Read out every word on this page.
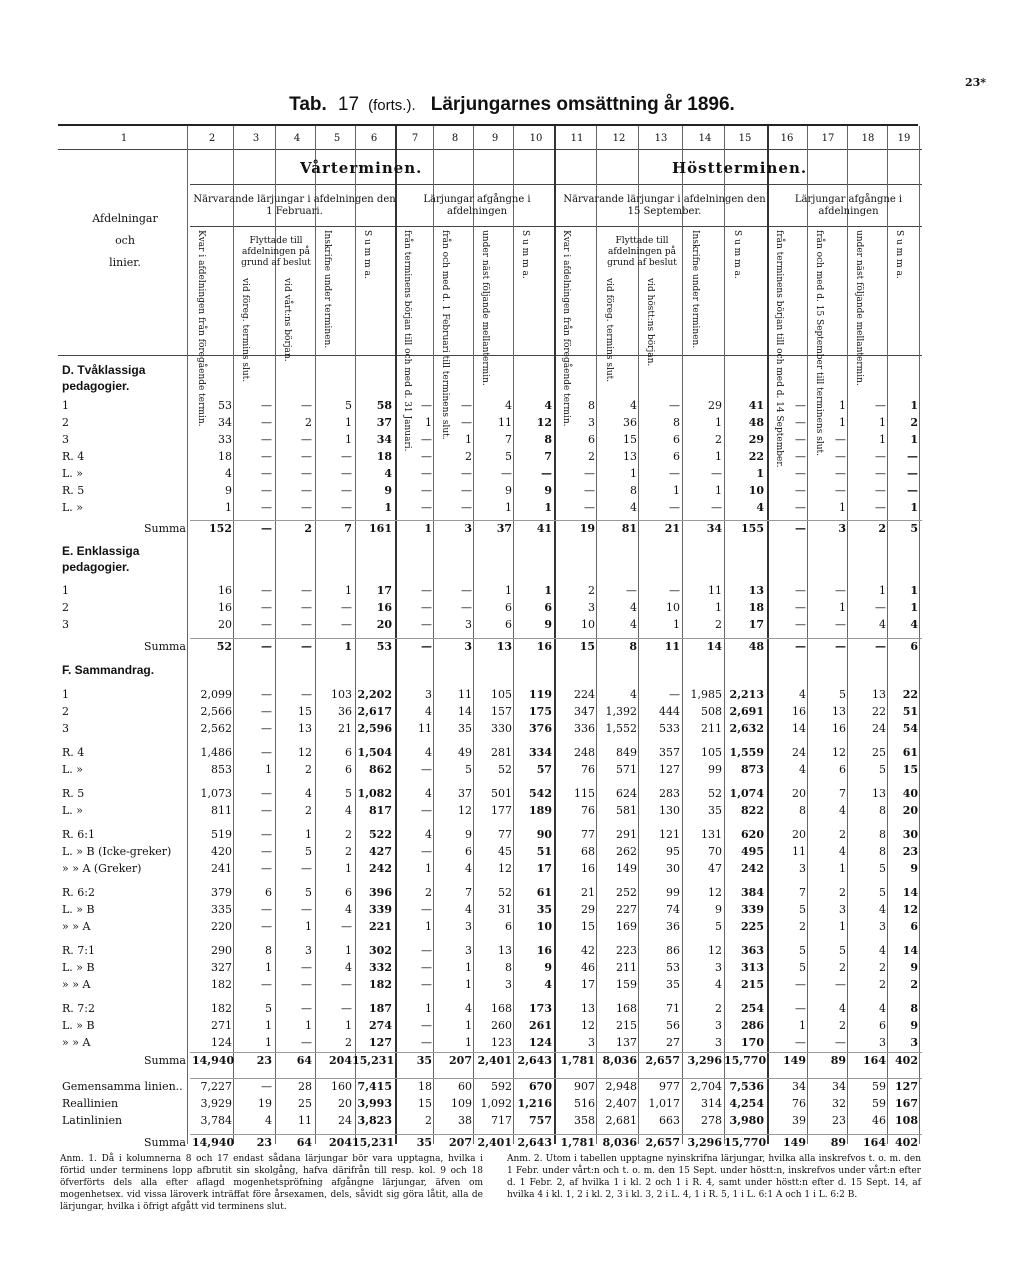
23*
Tab. 17 (forts.). Lärjungarnes omsättning år 1896.
Vårterminen.	Höstterminen.
Närvarande lärjungar i afdelningen den 1 Februari.
Lärjungar afgångne i afdelningen
Närvarande lärjungar i afdelningen den 15 September.
Lärjungar afgångne i afdelningen
Afdelningar
och
linier.
Flyttade till afdelningen på grund af beslut
Flyttade till afdelningen på grund af beslut
Kvar i afdelningen från föregående termin.	vid föreg. termins slut.	vid vårt:ns början.	Inskrifne under terminen.	S u m m a.	från terminens början till och med d. 31 Januari.	från och med d. 1 Februari till terminens slut.	under näst följande mellantermin.	S u m m a.	Kvar i afdelningen från föregående termin.	vid föreg. termins slut.	vid höstt:ns början.	Inskrifne under terminen.	S u m m a.	från terminens början till och med d. 14 September.	från och med d. 15 September till terminens slut.	under näst följande mellantermin.	S u m m a.
1	2	3	4	5	6	7	8	9	10	11	12	13	14	15	16	17	18	19
D. Tvåklassiga pedagogier.
E. Enklassiga pedagogier.
F. Sammandrag.
1	53	—	—	5	58	—	—	4	4	8	4	—	29	41	—	1	—	1
2	34	—	2	1	37	1	—	11	12	3	36	8	1	48	—	1	1	2
3	33	—	—	1	34	—	1	7	8	6	15	6	2	29	—	—	1	1
R. 4	18	—	—	—	18	—	2	5	7	2	13	6	1	22	—	—	—	—
L. »	4	—	—	—	4	—	—	—	—	—	1	—	—	1	—	—	—	—
R. 5	9	—	—	—	9	—	—	9	9	—	8	1	1	10	—	—	—	—
L. »	1	—	—	—	1	—	—	1	1	—	4	—	—	4	—	1	—	1
Summa	152	—	2	7	161	1	3	37	41	19	81	21	34	155	—	3	2	5
1	16	—	—	1	17	—	—	1	1	2	—	—	11	13	—	—	1	1
2	16	—	—	—	16	—	—	6	6	3	4	10	1	18	—	1	—	1
3	20	—	—	—	20	—	3	6	9	10	4	1	2	17	—	—	4	4
Summa	52	—	—	1	53	—	3	13	16	15	8	11	14	48	—	—	—	6
1	2,099	—	—	103 2,202	3	11	105	119	224	4	— 1,985 2,213	4	5	13	22
2	2,566	—	15	36 2,617	4	14	157	175	347 1,392	444	508 2,691	16	13	22	51
3	2,562	—	13	21 2,596	11	35	330	376	336 1,552	533	211 2,632	14	16	24	54
R. 4	1,486	—	12	6 1,504	4	49	281	334	248	849	357	105 1,559	24	12	25	61
L. »	853	1	2	6	862	—	5	52	57	76	571	127	99	873	4	6	5	15
R. 5	1,073	—	4	5 1,082	4	37	501	542	115	624	283	52 1,074	20	7	13	40
L. »	811	—	2	4	817	—	12	177	189	76	581	130	35	822	8	4	8	20
R. 6:1	519	—	1	2	522	4	9	77	90	77	291	121	131	620	20	2	8	30
L. » B (Icke-greker)	420	—	5	2	427	—	6	45	51	68	262	95	70	495	11	4	8	23
» » A (Greker)	241	—	—	1	242	1	4	12	17	16	149	30	47	242	3	1	5	9
R. 6:2	379	6	5	6	396	2	7	52	61	21	252	99	12	384	7	2	5	14
L. » B	335	—	—	4	339	—	4	31	35	29	227	74	9	339	5	3	4	12
» » A	220	—	1	—	221	1	3	6	10	15	169	36	5	225	2	1	3	6
R. 7:1	290	8	3	1	302	—	3	13	16	42	223	86	12	363	5	5	4	14
L. » B	327	1	—	4	332	—	1	8	9	46	211	53	3	313	5	2	2	9
» » A	182	—	—	—	182	—	1	3	4	17	159	35	4	215	—	—	2	2
R. 7:2	182	5	—	—	187	1	4	168	173	13	168	71	2	254	—	4	4	8
L. » B	271	1	1	1	274	—	1	260	261	12	215	56	3	286	1	2	6	9
» » A	124	1	—	2	127	—	1	123	124	3	137	27	3	170	—	—	3	3
Summa 14,940	23	64	204 15,231	35	207 2,401 2,643 1,781 8,036 2,657 3,296 15,770	149	89	164 402
Gemensamma linien..	7,227	—	28	160 7,415	18	60	592	670	907 2,948	977 2,704 7,536	34	34	59 127
Reallinien	3,929	19	25	20 3,993	15	109 1,092 1,216	516 2,407	1,017	314 4,254	76	32	59 167
Latinlinien	3,784	4	11	24 3,823	2	38	717	757	358 2,681	663	278 3,980	39	23	46 108
Summa 14,940	23	64	204 15,231	35	207 2,401 2,643 1,781 8,036 2,657 3,296 15,770	149	89	164 402
Anm. 1. Då i kolumnerna 8 och 17 endast sådana lärjungar bör vara upptagna, hvilka i förtid under terminens lopp afbrutit sin skolgång, hafva därifrån till resp. kol. 9 och 18 öfverförts dels alla efter aflagd mogenhetspröfning afgångne lärjungar, äfven om mogenhetsex. vid vissa läroverk inträffat före årsexamen, dels, såvidt sig göra låtit, alla de lärjungar, hvilka i öfrigt afgått vid terminens slut.
Anm. 2. Utom i tabellen upptagne nyinskrifna lärjungar, hvilka alla inskrefvos t. o. m. den 1 Febr. under vårt:n och t. o. m. den 15 Sept. under höstt:n, inskrefvos under vårt:n efter d. 1 Febr. 2, af hvilka 1 i kl. 2 och 1 i R. 4, samt under höstt:n efter d. 15 Sept. 14, af hvilka 4 i kl. 1, 2 i kl. 2, 3 i kl. 3, 2 i L. 4, 1 i R. 5, 1 i L. 6:1 A och 1 i L. 6:2 B.
